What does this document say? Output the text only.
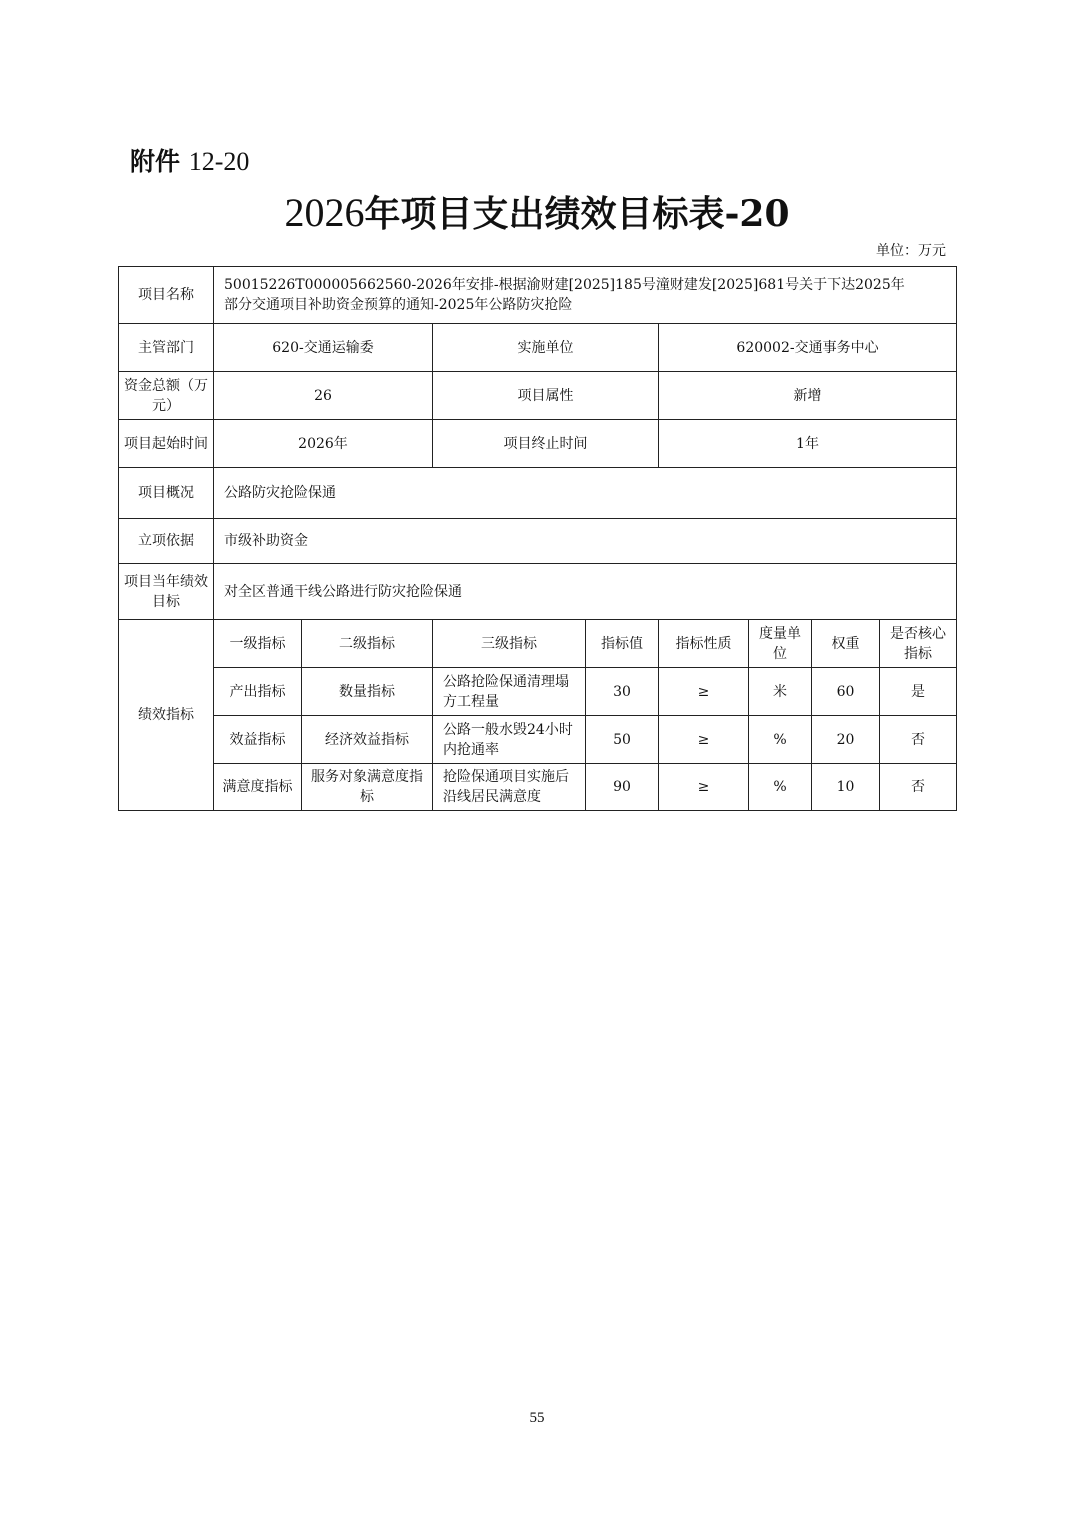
附件 12-20
2026年项目支出绩效目标表-20
单位：万元
项目名称	50015226T000005662560-2026年安排-根据渝财建[2025]185号潼财建发[2025]681号关于下达2025年
部分交通项目补助资金预算的通知-2025年公路防灾抢险							
主管部门	620-交通运输委		实施单位		620002-交通事务中心			
资金总额（万元）	26		项目属性		新增			
项目起始时间	2026年		项目终止时间		1年			
项目概况	公路防灾抢险保通							
立项依据	市级补助资金							
项目当年绩效目标	对全区普通干线公路进行防灾抢险保通							
绩效指标	一级指标	二级指标	三级指标	指标值	指标性质	度量单位	权重	是否核心指标
	产出指标	数量指标	公路抢险保通清理塌方工程量	30	≥	米	60	是
	效益指标	经济效益指标	公路一般水毁24小时内抢通率	50	≥	%	20	否
	满意度指标	服务对象满意度指标	抢险保通项目实施后沿线居民满意度	90	≥	%	10	否
55
